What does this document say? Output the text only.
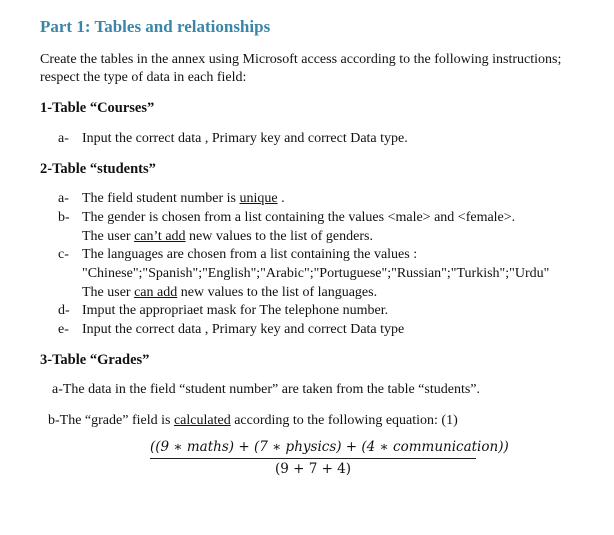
Part 1: Tables and relationships
Create the tables in the annex using Microsoft access according to the following instructions;
respect the type of data in each field:
1-Table “Courses”
a- Input the correct data , Primary key and correct Data type.
2-Table “students”
a- The field student number is unique .
b- The gender is chosen from a list containing the values <male> and <female>.
The user can’t add new values to the list of genders.
c- The languages are chosen from a list containing the values :
"Chinese";"Spanish";"English";"Arabic";"Portuguese";"Russian";"Turkish";"Urdu"
The user can add new values to the list of languages.
d- Imput the appropriaet mask for The telephone number.
e- Input the correct data , Primary key and correct Data type
3-Table “Grades”
a-The data in the field “student number” are taken from the table “students”.
b-The “grade” field is calculated according to the following equation: (1)
((9 ∗ maths) + (7 ∗ physics) + (4 ∗ communication))
(9 + 7 + 4)
